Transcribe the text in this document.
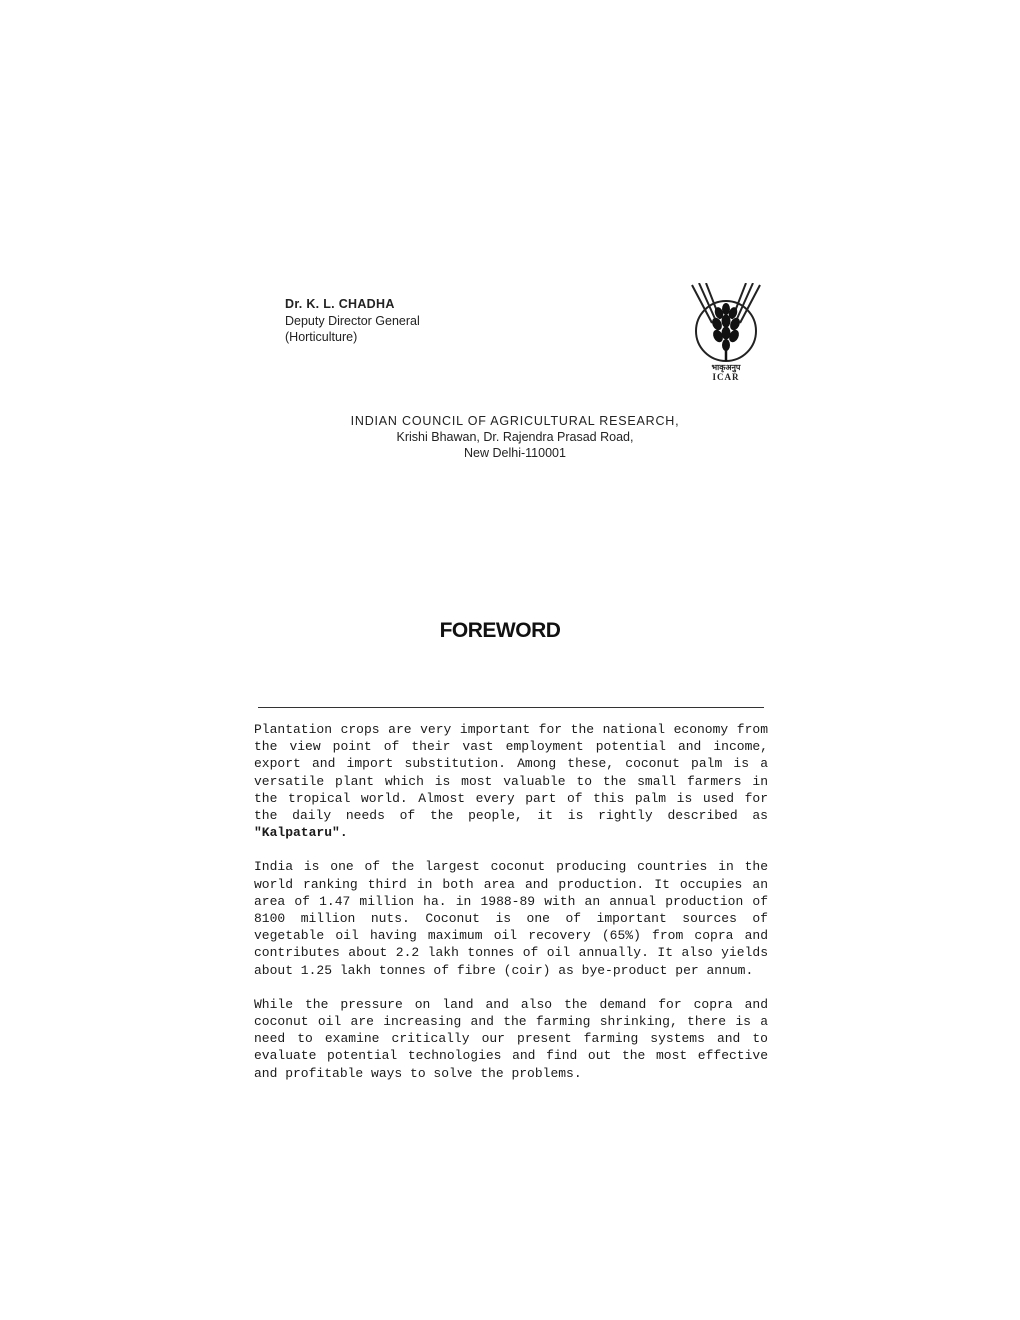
Dr. K. L. CHADHA
Deputy Director General
(Horticulture)
भाकृअनुप
ICAR
INDIAN COUNCIL OF AGRICULTURAL RESEARCH,
Krishi Bhawan, Dr. Rajendra Prasad Road,
New Delhi-110001
FOREWORD

Plantation crops are very important for the national economy from the view point of their vast employment potential and income, export and import substitution. Among these, coconut palm is a versatile plant which is most valuable to the small farmers in the tropical world. Almost every part of this palm is used for the daily needs of the people, it is rightly described as "Kalpataru".

India is one of the largest coconut producing countries in the world ranking third in both area and production. It occupies an area of 1.47 million ha. in 1988-89 with an annual production of 8100 million nuts. Coconut is one of important sources of vegetable oil having maximum oil recovery (65%) from copra and contributes about 2.2 lakh tonnes of oil annually. It also yields about 1.25 lakh tonnes of fibre (coir) as bye-product per annum.

While the pressure on land and also the demand for copra and coconut oil are increasing and the farming shrinking, there is a need to examine critically our present farming systems and to evaluate potential technologies and find out the most effective and profitable ways to solve the problems.
